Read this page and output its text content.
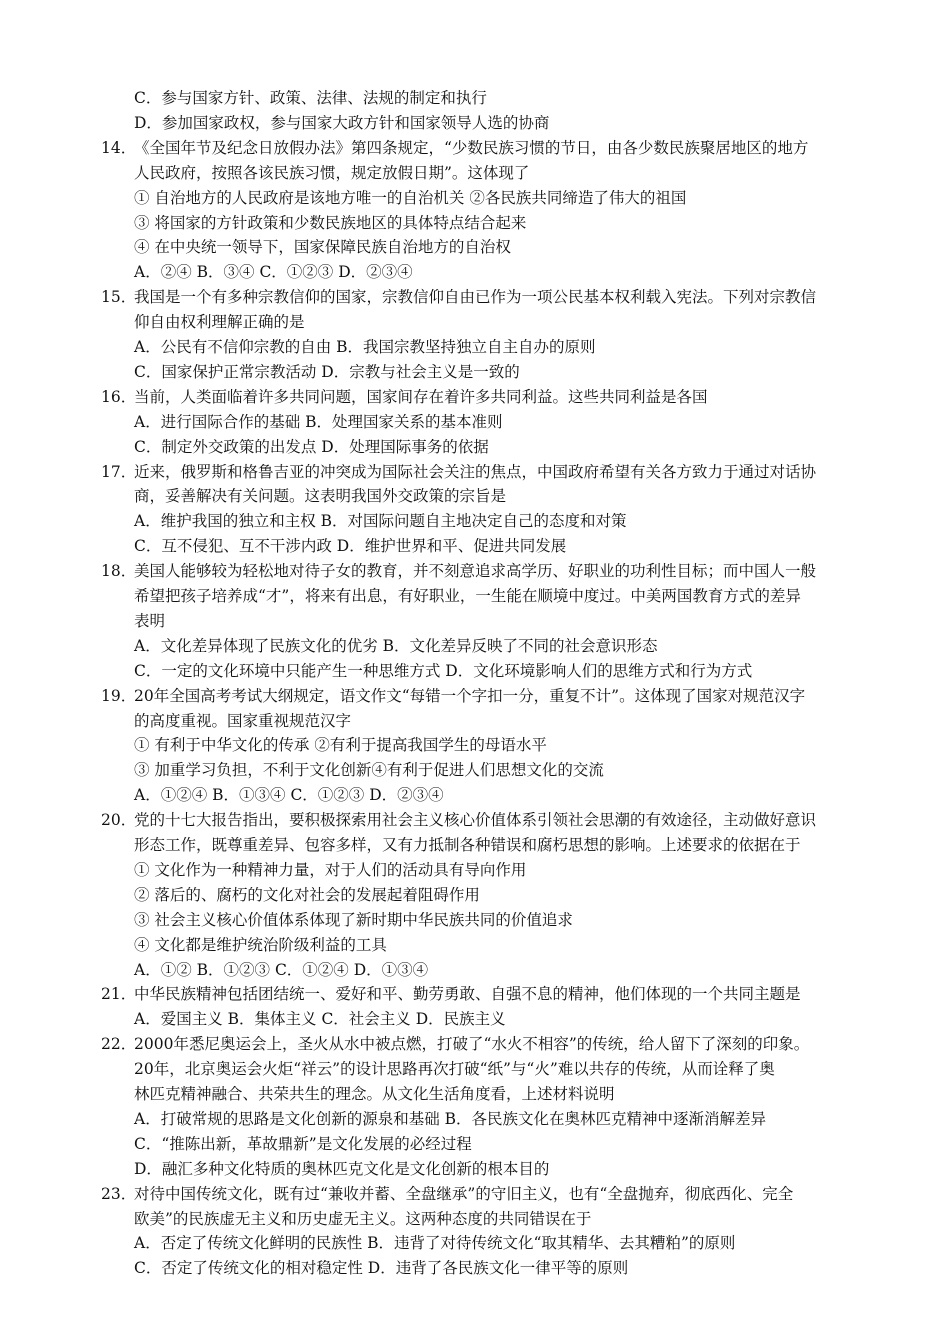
C．参与国家方针、政策、法律、法规的制定和执行
D．参加国家政权，参与国家大政方针和国家领导人选的协商
14．
《全国年节及纪念日放假办法》第四条规定，“少数民族习惯的节日，由各少数民族聚居地区的地方
人民政府，按照各该民族习惯，规定放假日期”。这体现了
① 自治地方的人民政府是该地方唯一的自治机关 ②各民族共同缔造了伟大的祖国
③ 将国家的方针政策和少数民族地区的具体特点结合起来
④ 在中央统一领导下，国家保障民族自治地方的自治权
A．②④ B．③④ C．①②③ D．②③④
15．
我国是一个有多种宗教信仰的国家，宗教信仰自由已作为一项公民基本权利载入宪法。下列对宗教信
仰自由权利理解正确的是
A．公民有不信仰宗教的自由 B．我国宗教坚持独立自主自办的原则
C．国家保护正常宗教活动 D．宗教与社会主义是一致的
16．
当前，人类面临着许多共同问题，国家间存在着许多共同利益。这些共同利益是各国
A．进行国际合作的基础 B．处理国家关系的基本准则
C．制定外交政策的出发点 D．处理国际事务的依据
17．
近来，俄罗斯和格鲁吉亚的冲突成为国际社会关注的焦点，中国政府希望有关各方致力于通过对话协
商，妥善解决有关问题。这表明我国外交政策的宗旨是
A．维护我国的独立和主权 B．对国际问题自主地决定自己的态度和对策
C．互不侵犯、互不干涉内政 D．维护世界和平、促进共同发展
18．
美国人能够较为轻松地对待子女的教育，并不刻意追求高学历、好职业的功利性目标；而中国人一般
希望把孩子培养成“才”，将来有出息，有好职业，一生能在顺境中度过。中美两国教育方式的差异
表明
A．文化差异体现了民族文化的优劣 B．文化差异反映了不同的社会意识形态
C．一定的文化环境中只能产生一种思维方式 D．文化环境影响人们的思维方式和行为方式
19．
20年全国高考考试大纲规定，语文作文“每错一个字扣一分，重复不计”。这体现了国家对规范汉字
的高度重视。国家重视规范汉字
① 有利于中华文化的传承 ②有利于提高我国学生的母语水平
③ 加重学习负担，不利于文化创新④有利于促进人们思想文化的交流
A．①②④ B．①③④ C．①②③ D．②③④
20．
党的十七大报告指出，要积极探索用社会主义核心价值体系引领社会思潮的有效途径，主动做好意识
形态工作，既尊重差异、包容多样，又有力抵制各种错误和腐朽思想的影响。上述要求的依据在于
① 文化作为一种精神力量，对于人们的活动具有导向作用
② 落后的、腐朽的文化对社会的发展起着阻碍作用
③ 社会主义核心价值体系体现了新时期中华民族共同的价值追求
④ 文化都是维护统治阶级利益的工具
A．①② B．①②③ C．①②④ D．①③④
21．
中华民族精神包括团结统一、爱好和平、勤劳勇敢、自强不息的精神，他们体现的一个共同主题是
A．爱国主义 B．集体主义 C．社会主义 D．民族主义
22．
2000年悉尼奥运会上，圣火从水中被点燃，打破了“水火不相容”的传统，给人留下了深刻的印象。
20年，北京奥运会火炬“祥云”的设计思路再次打破“纸”与“火”难以共存的传统，从而诠释了奥
林匹克精神融合、共荣共生的理念。从文化生活角度看，上述材料说明
A．打破常规的思路是文化创新的源泉和基础 B．各民族文化在奥林匹克精神中逐渐消解差异
C．“推陈出新，革故鼎新”是文化发展的必经过程
D．融汇多种文化特质的奥林匹克文化是文化创新的根本目的
23．
对待中国传统文化，既有过“兼收并蓄、全盘继承”的守旧主义，也有“全盘抛弃，彻底西化、完全
欧美”的民族虚无主义和历史虚无主义。这两种态度的共同错误在于
A．否定了传统文化鲜明的民族性 B．违背了对待传统文化“取其精华、去其糟粕”的原则
C．否定了传统文化的相对稳定性 D．违背了各民族文化一律平等的原则
